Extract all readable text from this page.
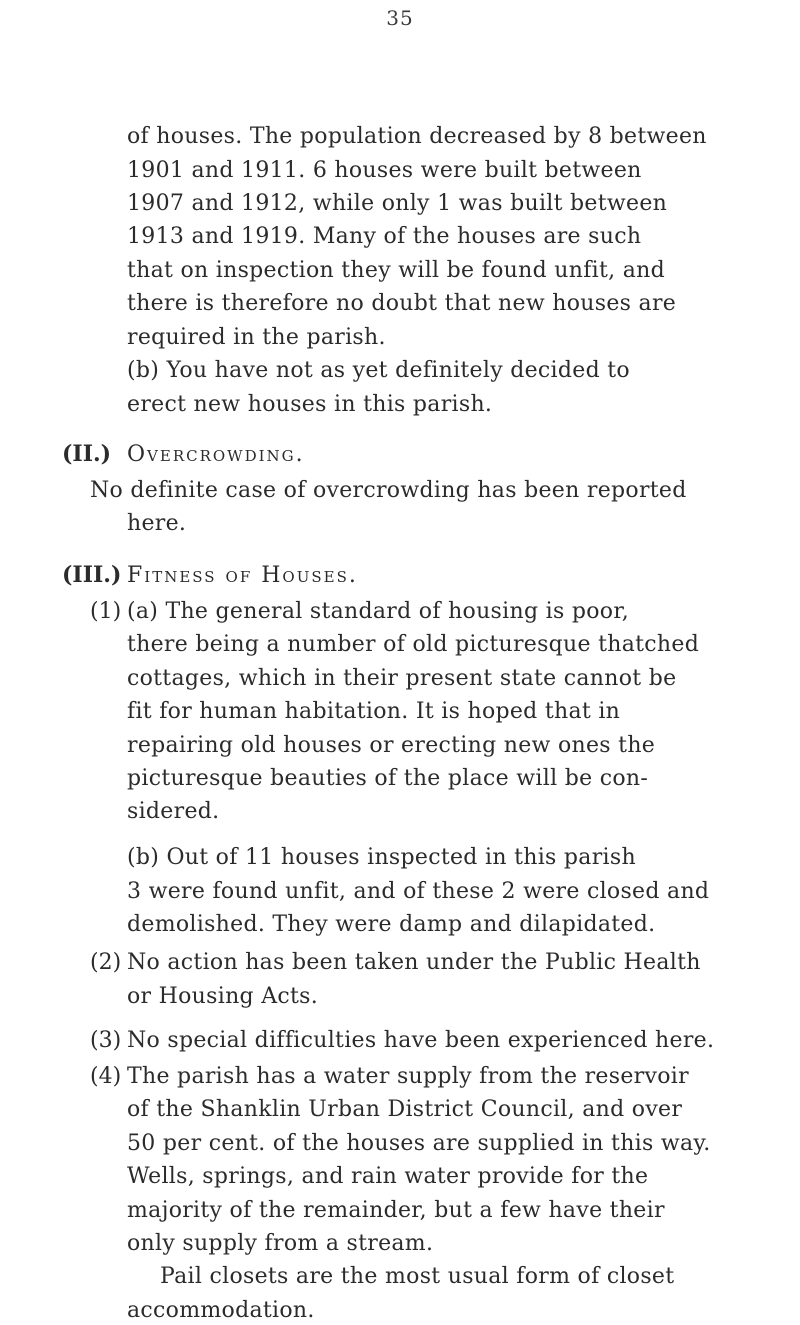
35
of houses. The population decreased by 8 between
1901 and 1911. 6 houses were built between
1907 and 1912, while only 1 was built between
1913 and 1919. Many of the houses are such
that on inspection they will be found unfit, and
there is therefore no doubt that new houses are
required in the parish.
(b) You have not as yet definitely decided to
erect new houses in this parish.
(II.) Overcrowding.
No definite case of overcrowding has been reported
here.
(III.) Fitness of Houses.
(1) (a) The general standard of housing is poor,
there being a number of old picturesque thatched
cottages, which in their present state cannot be
fit for human habitation. It is hoped that in
repairing old houses or erecting new ones the
picturesque beauties of the place will be con-
sidered.
(b) Out of 11 houses inspected in this parish
3 were found unfit, and of these 2 were closed and
demolished. They were damp and dilapidated.
(2) No action has been taken under the Public Health
or Housing Acts.
(3) No special difficulties have been experienced here.
(4) The parish has a water supply from the reservoir
of the Shanklin Urban District Council, and over
50 per cent. of the houses are supplied in this way.
Wells, springs, and rain water provide for the
majority of the remainder, but a few have their
only supply from a stream.
Pail closets are the most usual form of closet
accommodation.
